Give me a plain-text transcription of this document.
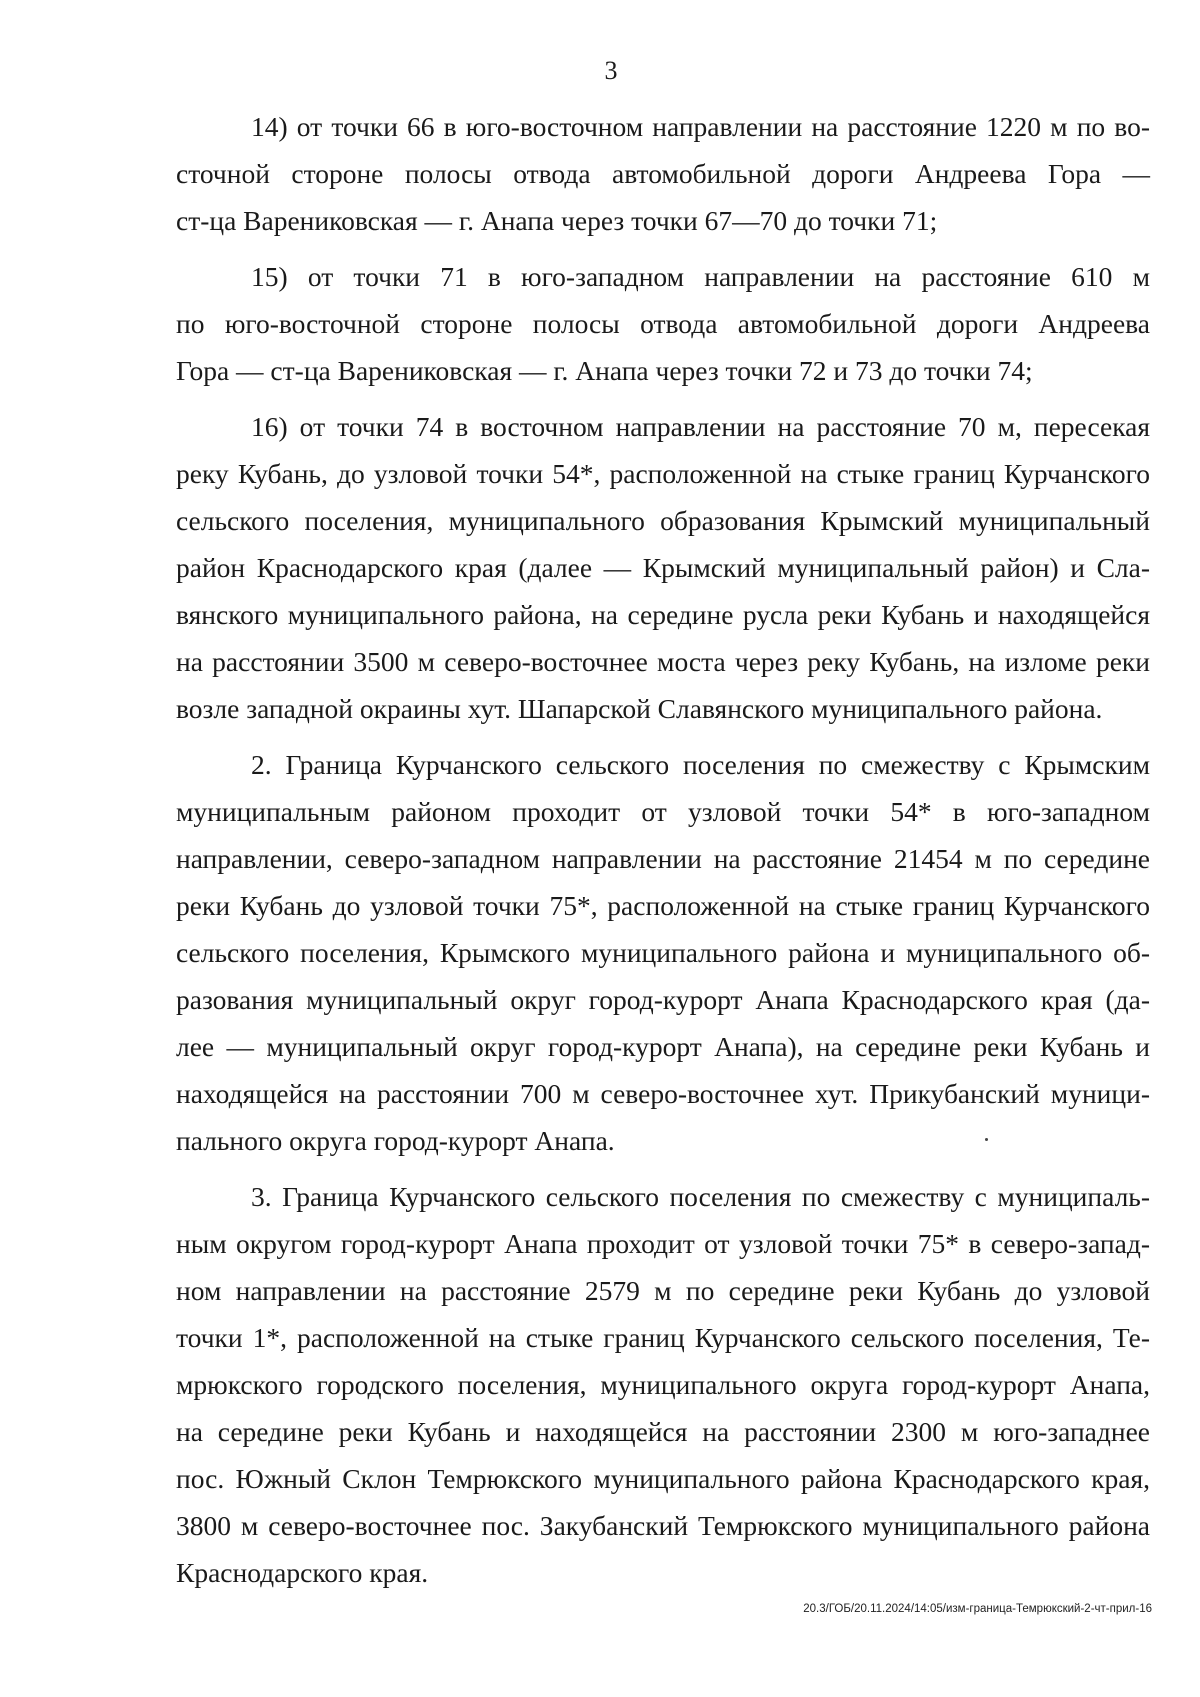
3
14) от точки 66 в юго-восточном направлении на расстояние 1220 м по во-
сточной стороне полосы отвода автомобильной дороги Андреева Гора —
ст-ца Варениковская — г. Анапа через точки 67—70 до точки 71;
15) от точки 71 в юго-западном направлении на расстояние 610 м
по юго-восточной стороне полосы отвода автомобильной дороги Андреева
Гора — ст-ца Варениковская — г. Анапа через точки 72 и 73 до точки 74;
16) от точки 74 в восточном направлении на расстояние 70 м, пересекая
реку Кубань, до узловой точки 54*, расположенной на стыке границ Курчанского
сельского поселения, муниципального образования Крымский муниципальный
район Краснодарского края (далее — Крымский муниципальный район) и Сла-
вянского муниципального района, на середине русла реки Кубань и находящейся
на расстоянии 3500 м северо-восточнее моста через реку Кубань, на изломе реки
возле западной окраины хут. Шапарской Славянского муниципального района.
2. Граница Курчанского сельского поселения по смежеству с Крымским
муниципальным районом проходит от узловой точки 54* в юго-западном
направлении, северо-западном направлении на расстояние 21454 м по середине
реки Кубань до узловой точки 75*, расположенной на стыке границ Курчанского
сельского поселения, Крымского муниципального района и муниципального об-
разования муниципальный округ город-курорт Анапа Краснодарского края (да-
лее — муниципальный округ город-курорт Анапа), на середине реки Кубань и
находящейся на расстоянии 700 м северо-восточнее хут. Прикубанский муници-
пального округа город-курорт Анапа.
3. Граница Курчанского сельского поселения по смежеству с муниципаль-
ным округом город-курорт Анапа проходит от узловой точки 75* в северо-запад-
ном направлении на расстояние 2579 м по середине реки Кубань до узловой
точки 1*, расположенной на стыке границ Курчанского сельского поселения, Те-
мрюкского городского поселения, муниципального округа город-курорт Анапа,
на середине реки Кубань и находящейся на расстоянии 2300 м юго-западнее
пос. Южный Склон Темрюкского муниципального района Краснодарского края,
3800 м северо-восточнее пос. Закубанский Темрюкского муниципального района
Краснодарского края.
20.3/ГОБ/20.11.2024/14:05/изм-граница-Темрюкский-2-чт-прил-16
